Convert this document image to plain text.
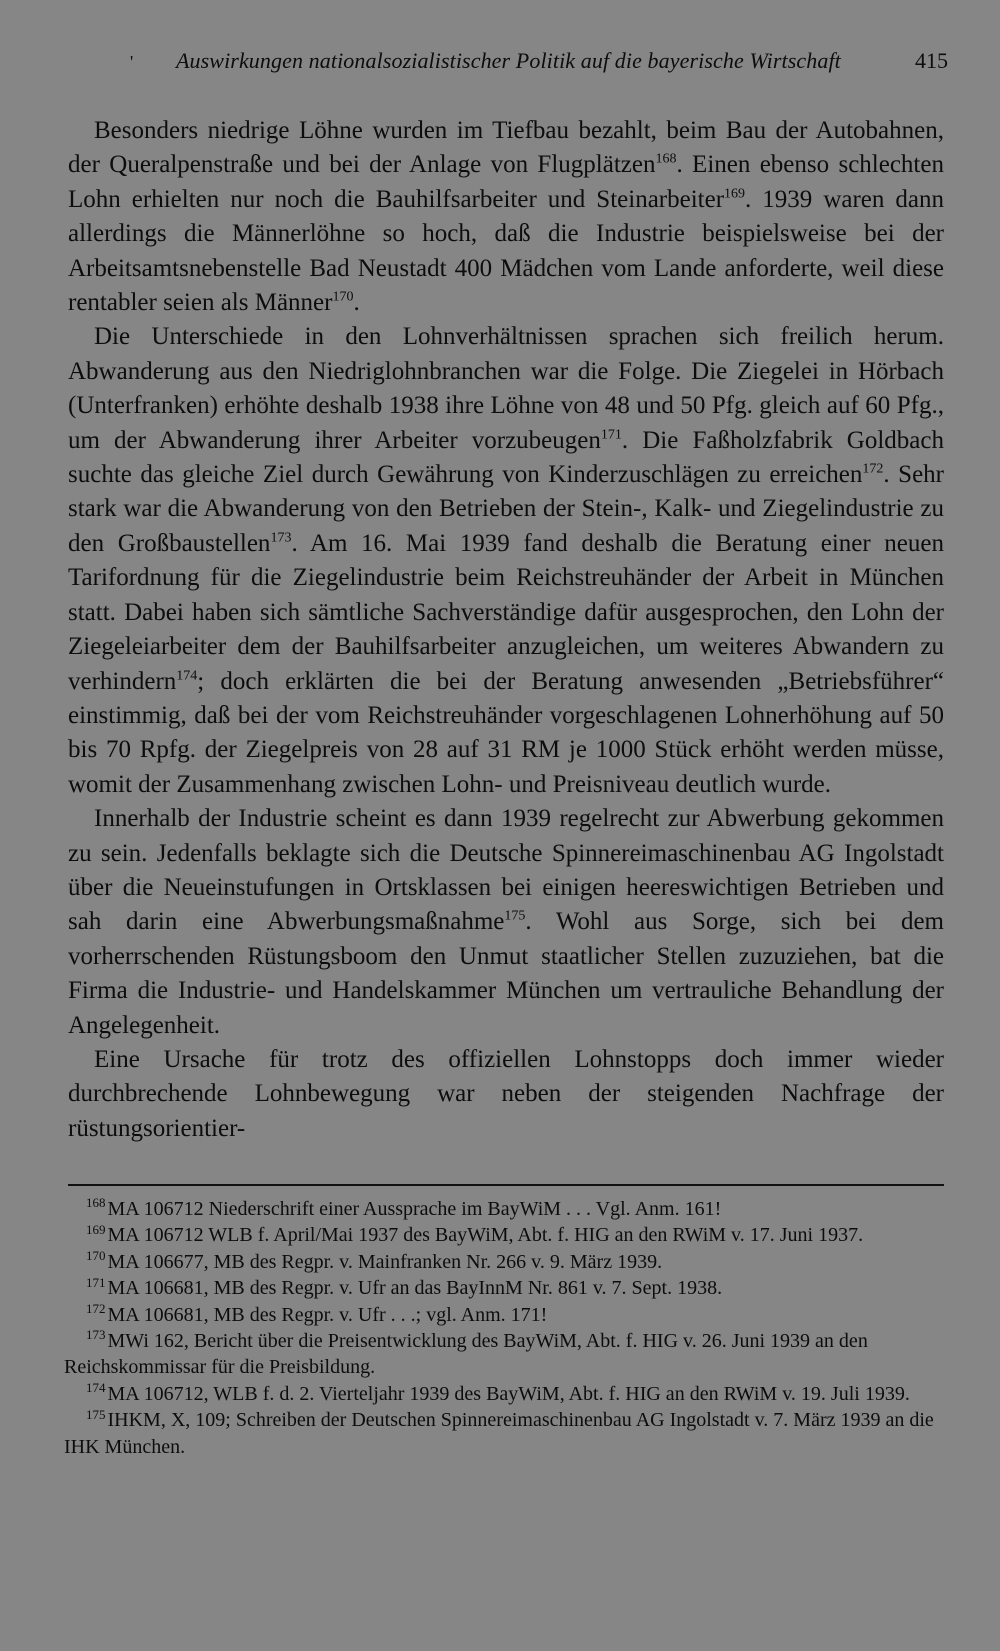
' Auswirkungen nationalsozialistischer Politik auf die bayerische Wirtschaft	415

Besonders niedrige Löhne wurden im Tiefbau bezahlt, beim Bau der Autobahnen, der Queralpenstraße und bei der Anlage von Flugplätzen$^{168}$. Einen ebenso schlechten Lohn erhielten nur noch die Bauhilfsarbeiter und Steinarbeiter$^{169}$. 1939 waren dann allerdings die Männerlöhne so hoch, daß die Industrie beispielsweise bei der Arbeitsamtsnebenstelle Bad Neustadt 400 Mädchen vom Lande anforderte, weil diese rentabler seien als Männer$^{170}$.

Die Unterschiede in den Lohnverhältnissen sprachen sich freilich herum. Abwanderung aus den Niedriglohnbranchen war die Folge. Die Ziegelei in Hörbach (Unterfranken) erhöhte deshalb 1938 ihre Löhne von 48 und 50 Pfg. gleich auf 60 Pfg., um der Abwanderung ihrer Arbeiter vorzubeugen$^{171}$. Die Faßholzfabrik Goldbach suchte das gleiche Ziel durch Gewährung von Kinderzuschlägen zu erreichen$^{172}$. Sehr stark war die Abwanderung von den Betrieben der Stein-, Kalk- und Ziegelindustrie zu den Großbaustellen$^{173}$. Am 16. Mai 1939 fand deshalb die Beratung einer neuen Tarifordnung für die Ziegelindustrie beim Reichstreuhänder der Arbeit in München statt. Dabei haben sich sämtliche Sachverständige dafür ausgesprochen, den Lohn der Ziegeleiarbeiter dem der Bauhilfsarbeiter anzugleichen, um weiteres Abwandern zu verhindern$^{174}$; doch erklärten die bei der Beratung anwesenden „Betriebsführer“ einstimmig, daß bei der vom Reichstreuhänder vorgeschlagenen Lohnerhöhung auf 50 bis 70 Rpfg. der Ziegelpreis von 28 auf 31 RM je 1000 Stück erhöht werden müsse, womit der Zusammenhang zwischen Lohn- und Preisniveau deutlich wurde.

Innerhalb der Industrie scheint es dann 1939 regelrecht zur Abwerbung gekommen zu sein. Jedenfalls beklagte sich die Deutsche Spinnereimaschinenbau AG Ingolstadt über die Neueinstufungen in Ortsklassen bei einigen heereswichtigen Betrieben und sah darin eine Abwerbungsmaßnahme$^{175}$. Wohl aus Sorge, sich bei dem vorherrschenden Rüstungsboom den Unmut staatlicher Stellen zuzuziehen, bat die Firma die Industrie- und Handelskammer München um vertrauliche Behandlung der Angelegenheit.

Eine Ursache für trotz des offiziellen Lohnstopps doch immer wieder durchbrechende Lohnbewegung war neben der steigenden Nachfrage der rüstungsorientier-

$^{168}$ MA 106712 Niederschrift einer Aussprache im BayWiM . . . Vgl. Anm. 161!

$^{169}$ MA 106712 WLB f. April/Mai 1937 des BayWiM, Abt. f. HIG an den RWiM v. 17. Juni 1937.

$^{170}$ MA 106677, MB des Regpr. v. Mainfranken Nr. 266 v. 9. März 1939.

$^{171}$ MA 106681, MB des Regpr. v. Ufr an das BayInnM Nr. 861 v. 7. Sept. 1938.

$^{172}$ MA 106681, MB des Regpr. v. Ufr . . .; vgl. Anm. 171!

$^{173}$ MWi 162, Bericht über die Preisentwicklung des BayWiM, Abt. f. HIG v. 26. Juni 1939 an den Reichskommissar für die Preisbildung.

$^{174}$ MA 106712, WLB f. d. 2. Vierteljahr 1939 des BayWiM, Abt. f. HIG an den RWiM v. 19. Juli 1939.

$^{175}$ IHKM, X, 109; Schreiben der Deutschen Spinnereimaschinenbau AG Ingolstadt v. 7. März 1939 an die IHK München.
